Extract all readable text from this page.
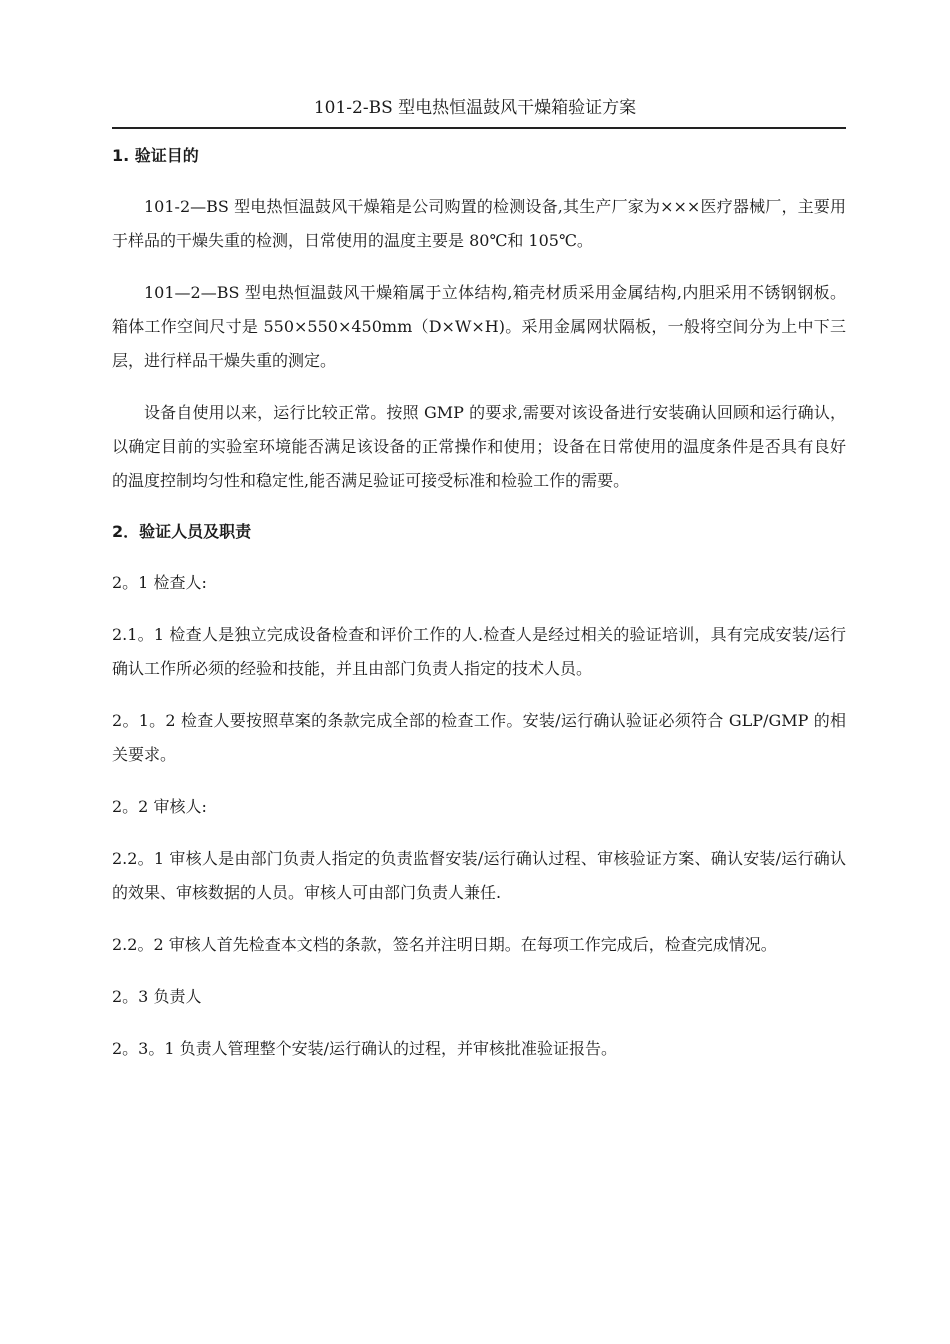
101-2-BS 型电热恒温鼓风干燥箱验证方案
1. 验证目的

101-2—BS 型电热恒温鼓风干燥箱是公司购置的检测设备,其生产厂家为×××医疗器械厂，主要用于样品的干燥失重的检测，日常使用的温度主要是 80℃和 105℃。

101—2—BS 型电热恒温鼓风干燥箱属于立体结构,箱壳材质采用金属结构,内胆采用不锈钢钢板。箱体工作空间尺寸是 550×550×450mm（D×W×H)。采用金属网状隔板，一般将空间分为上中下三层，进行样品干燥失重的测定。

设备自使用以来，运行比较正常。按照 GMP 的要求,需要对该设备进行安装确认回顾和运行确认，以确定目前的实验室环境能否满足该设备的正常操作和使用；设备在日常使用的温度条件是否具有良好的温度控制均匀性和稳定性,能否满足验证可接受标准和检验工作的需要。

2．验证人员及职责

2。1 检查人:

2.1。1 检查人是独立完成设备检查和评价工作的人.检查人是经过相关的验证培训，具有完成安装/运行确认工作所必须的经验和技能，并且由部门负责人指定的技术人员。

2。1。2 检查人要按照草案的条款完成全部的检查工作。安装/运行确认验证必须符合 GLP/GMP 的相关要求。

2。2 审核人:

2.2。1 审核人是由部门负责人指定的负责监督安装/运行确认过程、审核验证方案、确认安装/运行确认的效果、审核数据的人员。审核人可由部门负责人兼任.

2.2。2 审核人首先检查本文档的条款，签名并注明日期。在每项工作完成后，检查完成情况。

2。3 负责人

2。3。1 负责人管理整个安装/运行确认的过程，并审核批准验证报告。
